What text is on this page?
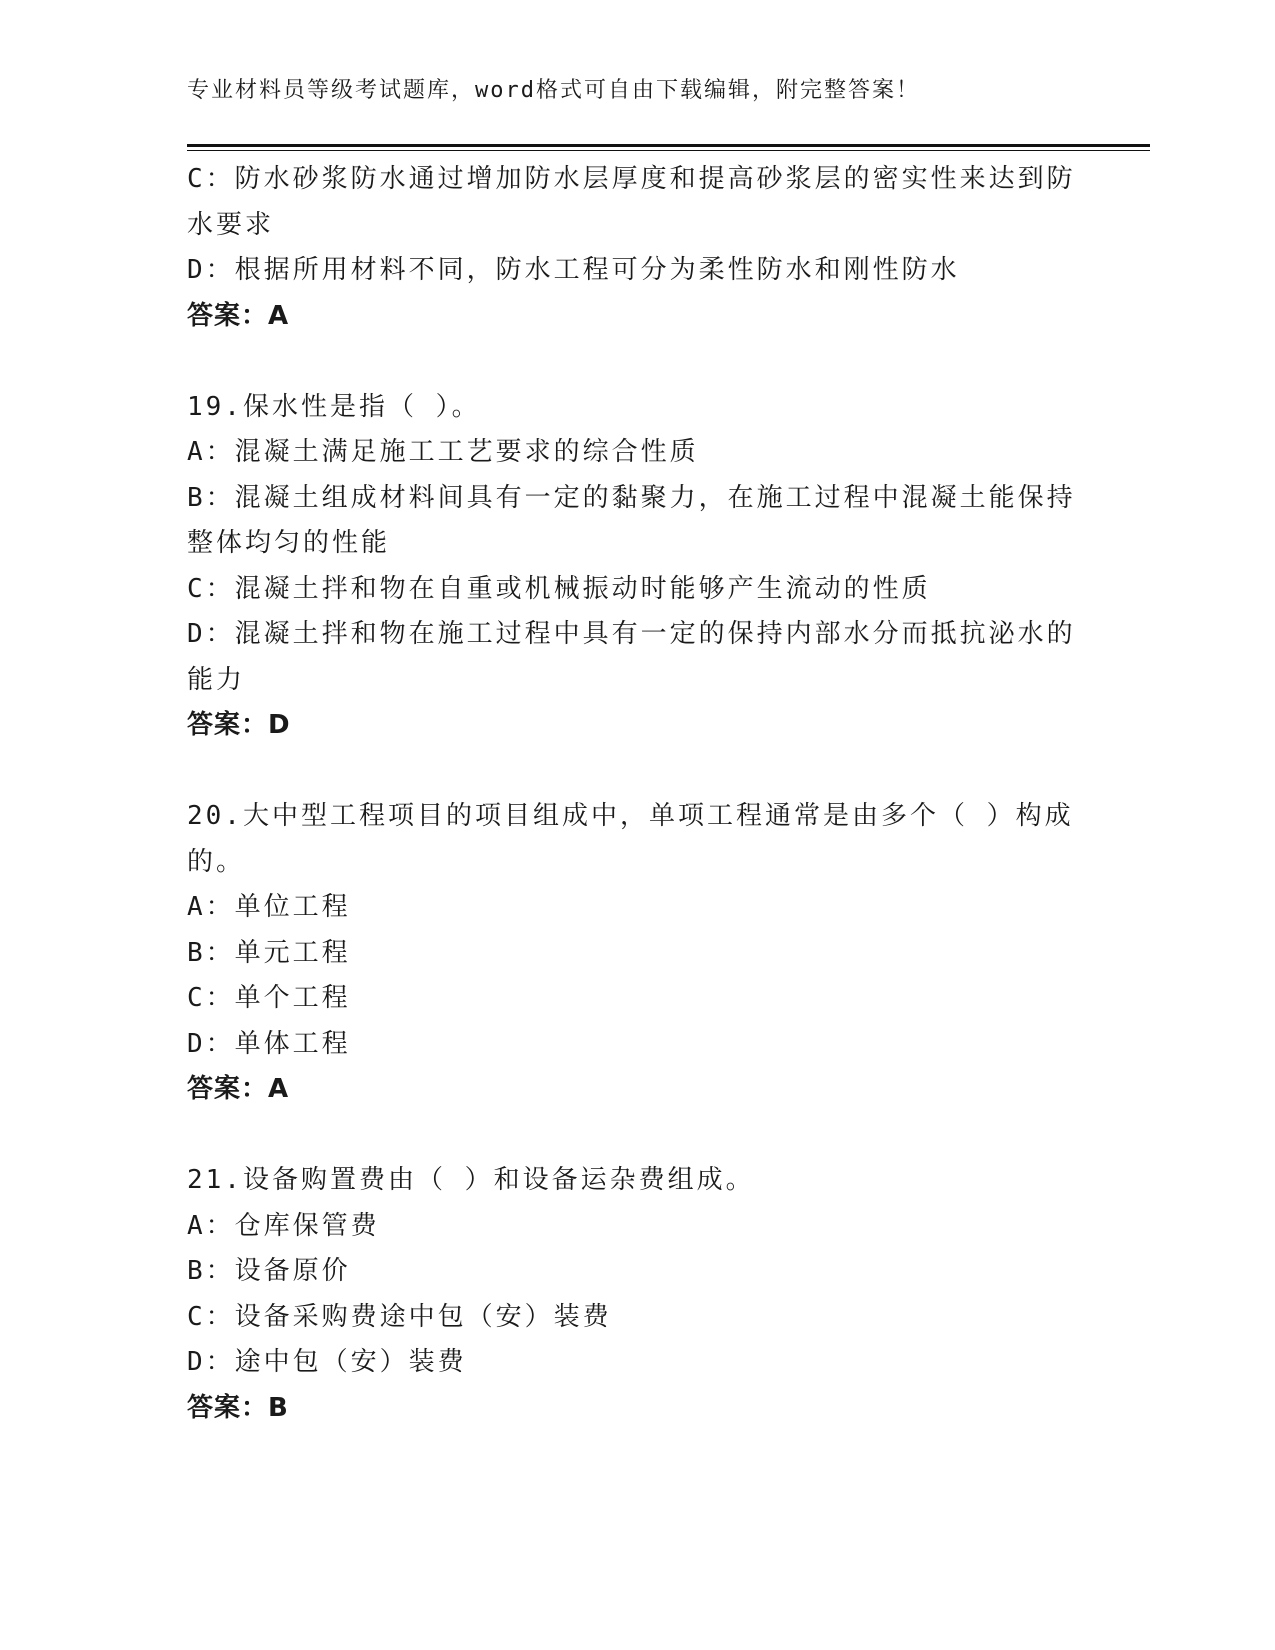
专业材料员等级考试题库，word格式可自由下载编辑，附完整答案！
C：防水砂浆防水通过增加防水层厚度和提高砂浆层的密实性来达到防
水要求
D：根据所用材料不同，防水工程可分为柔性防水和刚性防水
答案：A
19.保水性是指（ ）。
A：混凝土满足施工工艺要求的综合性质
B：混凝土组成材料间具有一定的黏聚力，在施工过程中混凝土能保持
整体均匀的性能
C：混凝土拌和物在自重或机械振动时能够产生流动的性质
D：混凝土拌和物在施工过程中具有一定的保持内部水分而抵抗泌水的
能力
答案：D
20.大中型工程项目的项目组成中，单项工程通常是由多个（ ）构成
的。
A：单位工程
B：单元工程
C：单个工程
D：单体工程
答案：A
21.设备购置费由（ ）和设备运杂费组成。
A：仓库保管费
B：设备原价
C：设备采购费途中包（安）装费
D：途中包（安）装费
答案：B
